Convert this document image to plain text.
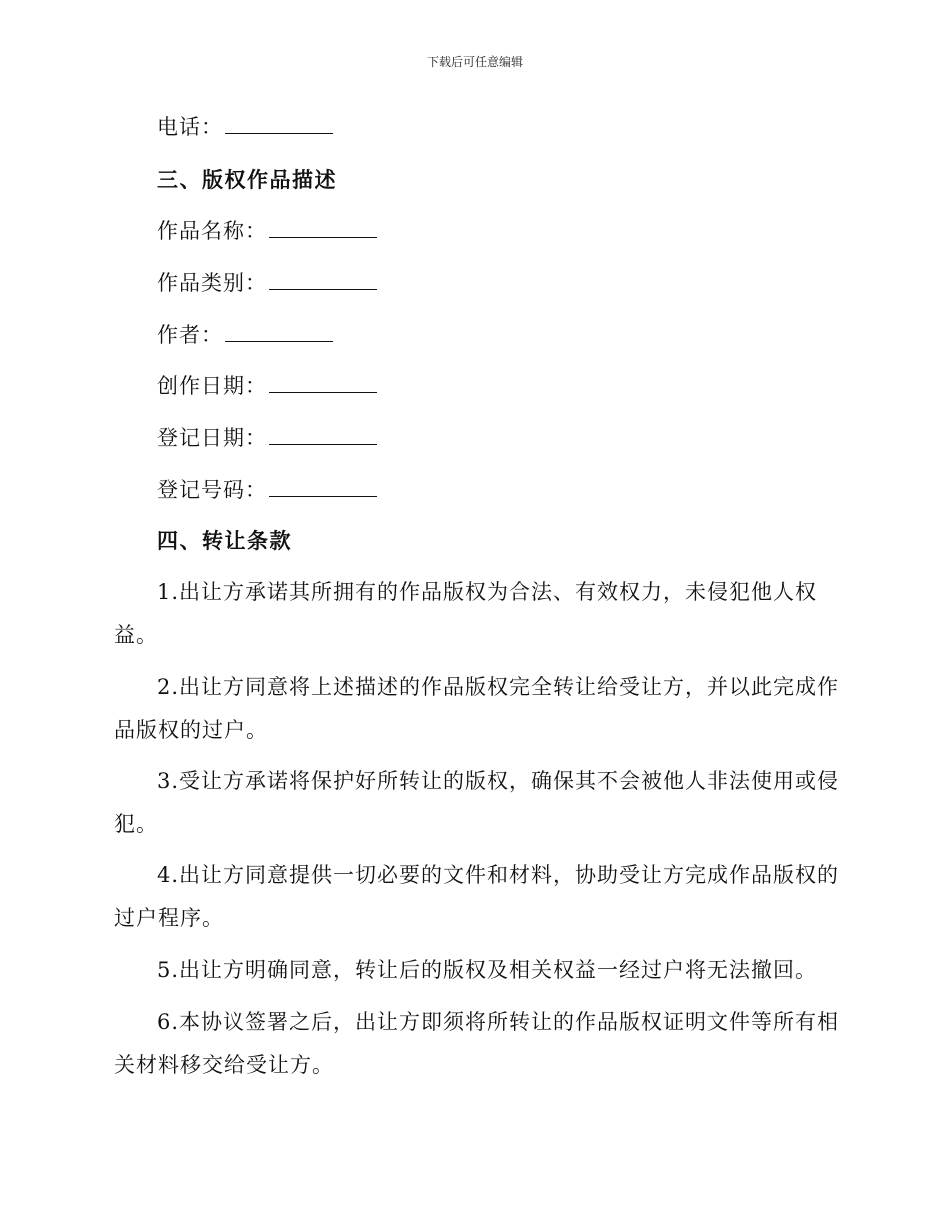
下载后可任意编辑
电话：
三、版权作品描述
作品名称：
作品类别：
作者：
创作日期：
登记日期：
登记号码：
四、转让条款
1.出让方承诺其所拥有的作品版权为合法、有效权力，未侵犯他人权
益。
2.出让方同意将上述描述的作品版权完全转让给受让方，并以此完成作
品版权的过户。
3.受让方承诺将保护好所转让的版权，确保其不会被他人非法使用或侵
犯。
4.出让方同意提供一切必要的文件和材料，协助受让方完成作品版权的
过户程序。
5.出让方明确同意，转让后的版权及相关权益一经过户将无法撤回。
6.本协议签署之后，出让方即须将所转让的作品版权证明文件等所有相
关材料移交给受让方。
